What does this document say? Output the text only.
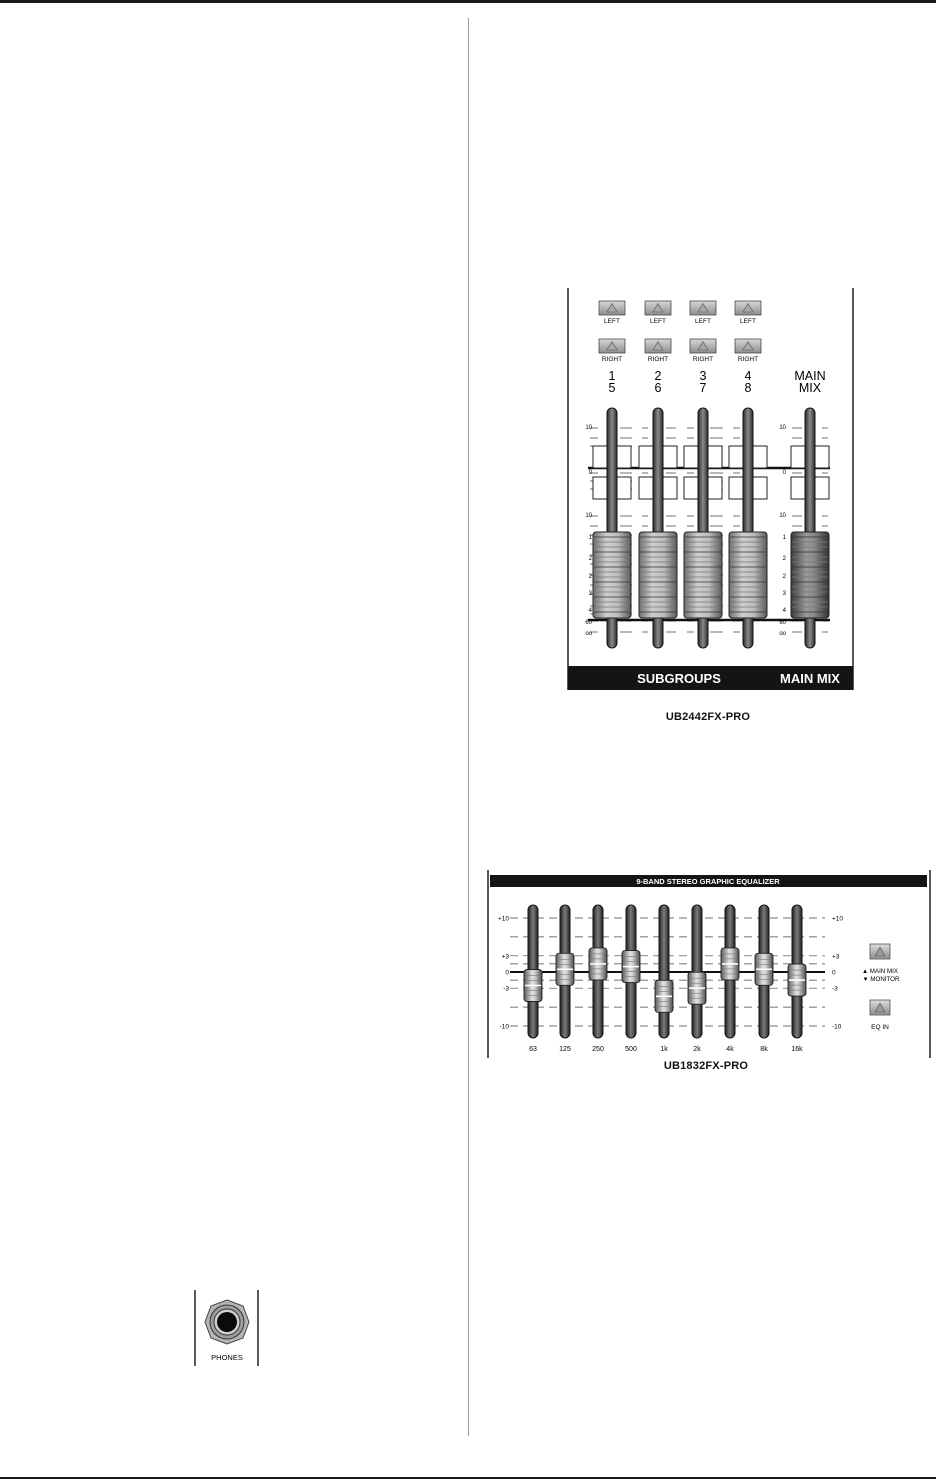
10
0
10
1
2
2
3
4
60
oo
10
0
10
1
2
2
3
4
60
oo
LEFT	LEFT	LEFT	LEFT
RIGHT	RIGHT	RIGHT	RIGHT
1
5
2
6
3
7
4
8
MAIN
MIX
SUBGROUPS	MAIN MIX
UB2442FX-PRO
9-BAND STEREO GRAPHIC EQUALIZER
+10	+10
+3	+3
0	0
-3	-3
-10	-10
63	125	250	500	1k	2k	4k	8k	16k
▲ MAIN MIX
▼ MONITOR
EQ IN
UB1832FX-PRO
PHONES
